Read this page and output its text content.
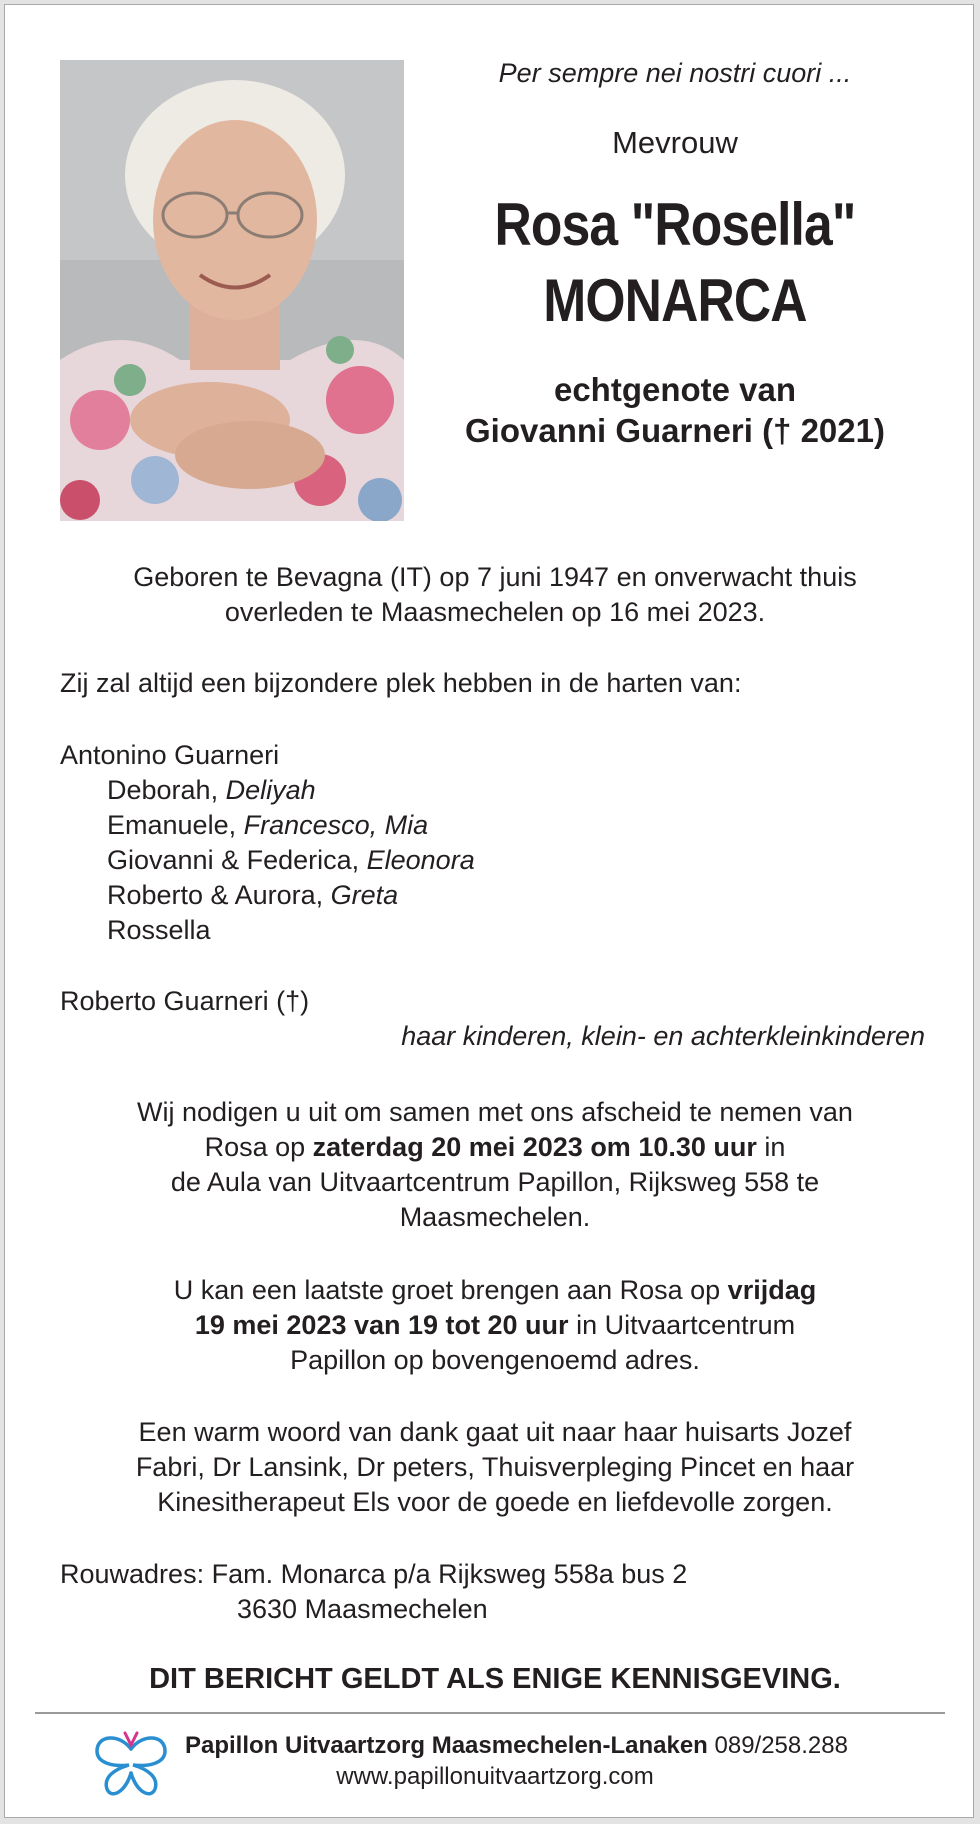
Per sempre nei nostri cuori ...
Mevrouw
Rosa "Rosella"
MONARCA
echtgenote van
Giovanni Guarneri († 2021)
Geboren te Bevagna (IT) op 7 juni 1947 en onverwacht thuis
overleden te Maasmechelen op 16 mei 2023.
Zij zal altijd een bijzondere plek hebben in de harten van:
Antonino Guarneri
Deborah, Deliyah
Emanuele, Francesco, Mia
Giovanni & Federica, Eleonora
Roberto & Aurora, Greta
Rossella
Roberto Guarneri (†)
haar kinderen, klein- en achterkleinkinderen
Wij nodigen u uit om samen met ons afscheid te nemen van
Rosa op zaterdag 20 mei 2023 om 10.30 uur in
de Aula van Uitvaartcentrum Papillon, Rijksweg 558 te
Maasmechelen.
U kan een laatste groet brengen aan Rosa op vrijdag
19 mei 2023 van 19 tot 20 uur in Uitvaartcentrum
Papillon op bovengenoemd adres.
Een warm woord van dank gaat uit naar haar huisarts Jozef
Fabri, Dr Lansink, Dr peters, Thuisverpleging Pincet en haar
Kinesitherapeut Els voor de goede en liefdevolle zorgen.
Rouwadres: Fam. Monarca p/a Rijksweg 558a bus 2
3630 Maasmechelen
DIT BERICHT GELDT ALS ENIGE KENNISGEVING.
Papillon Uitvaartzorg Maasmechelen-Lanaken 089/258.288
www.papillonuitvaartzorg.com
